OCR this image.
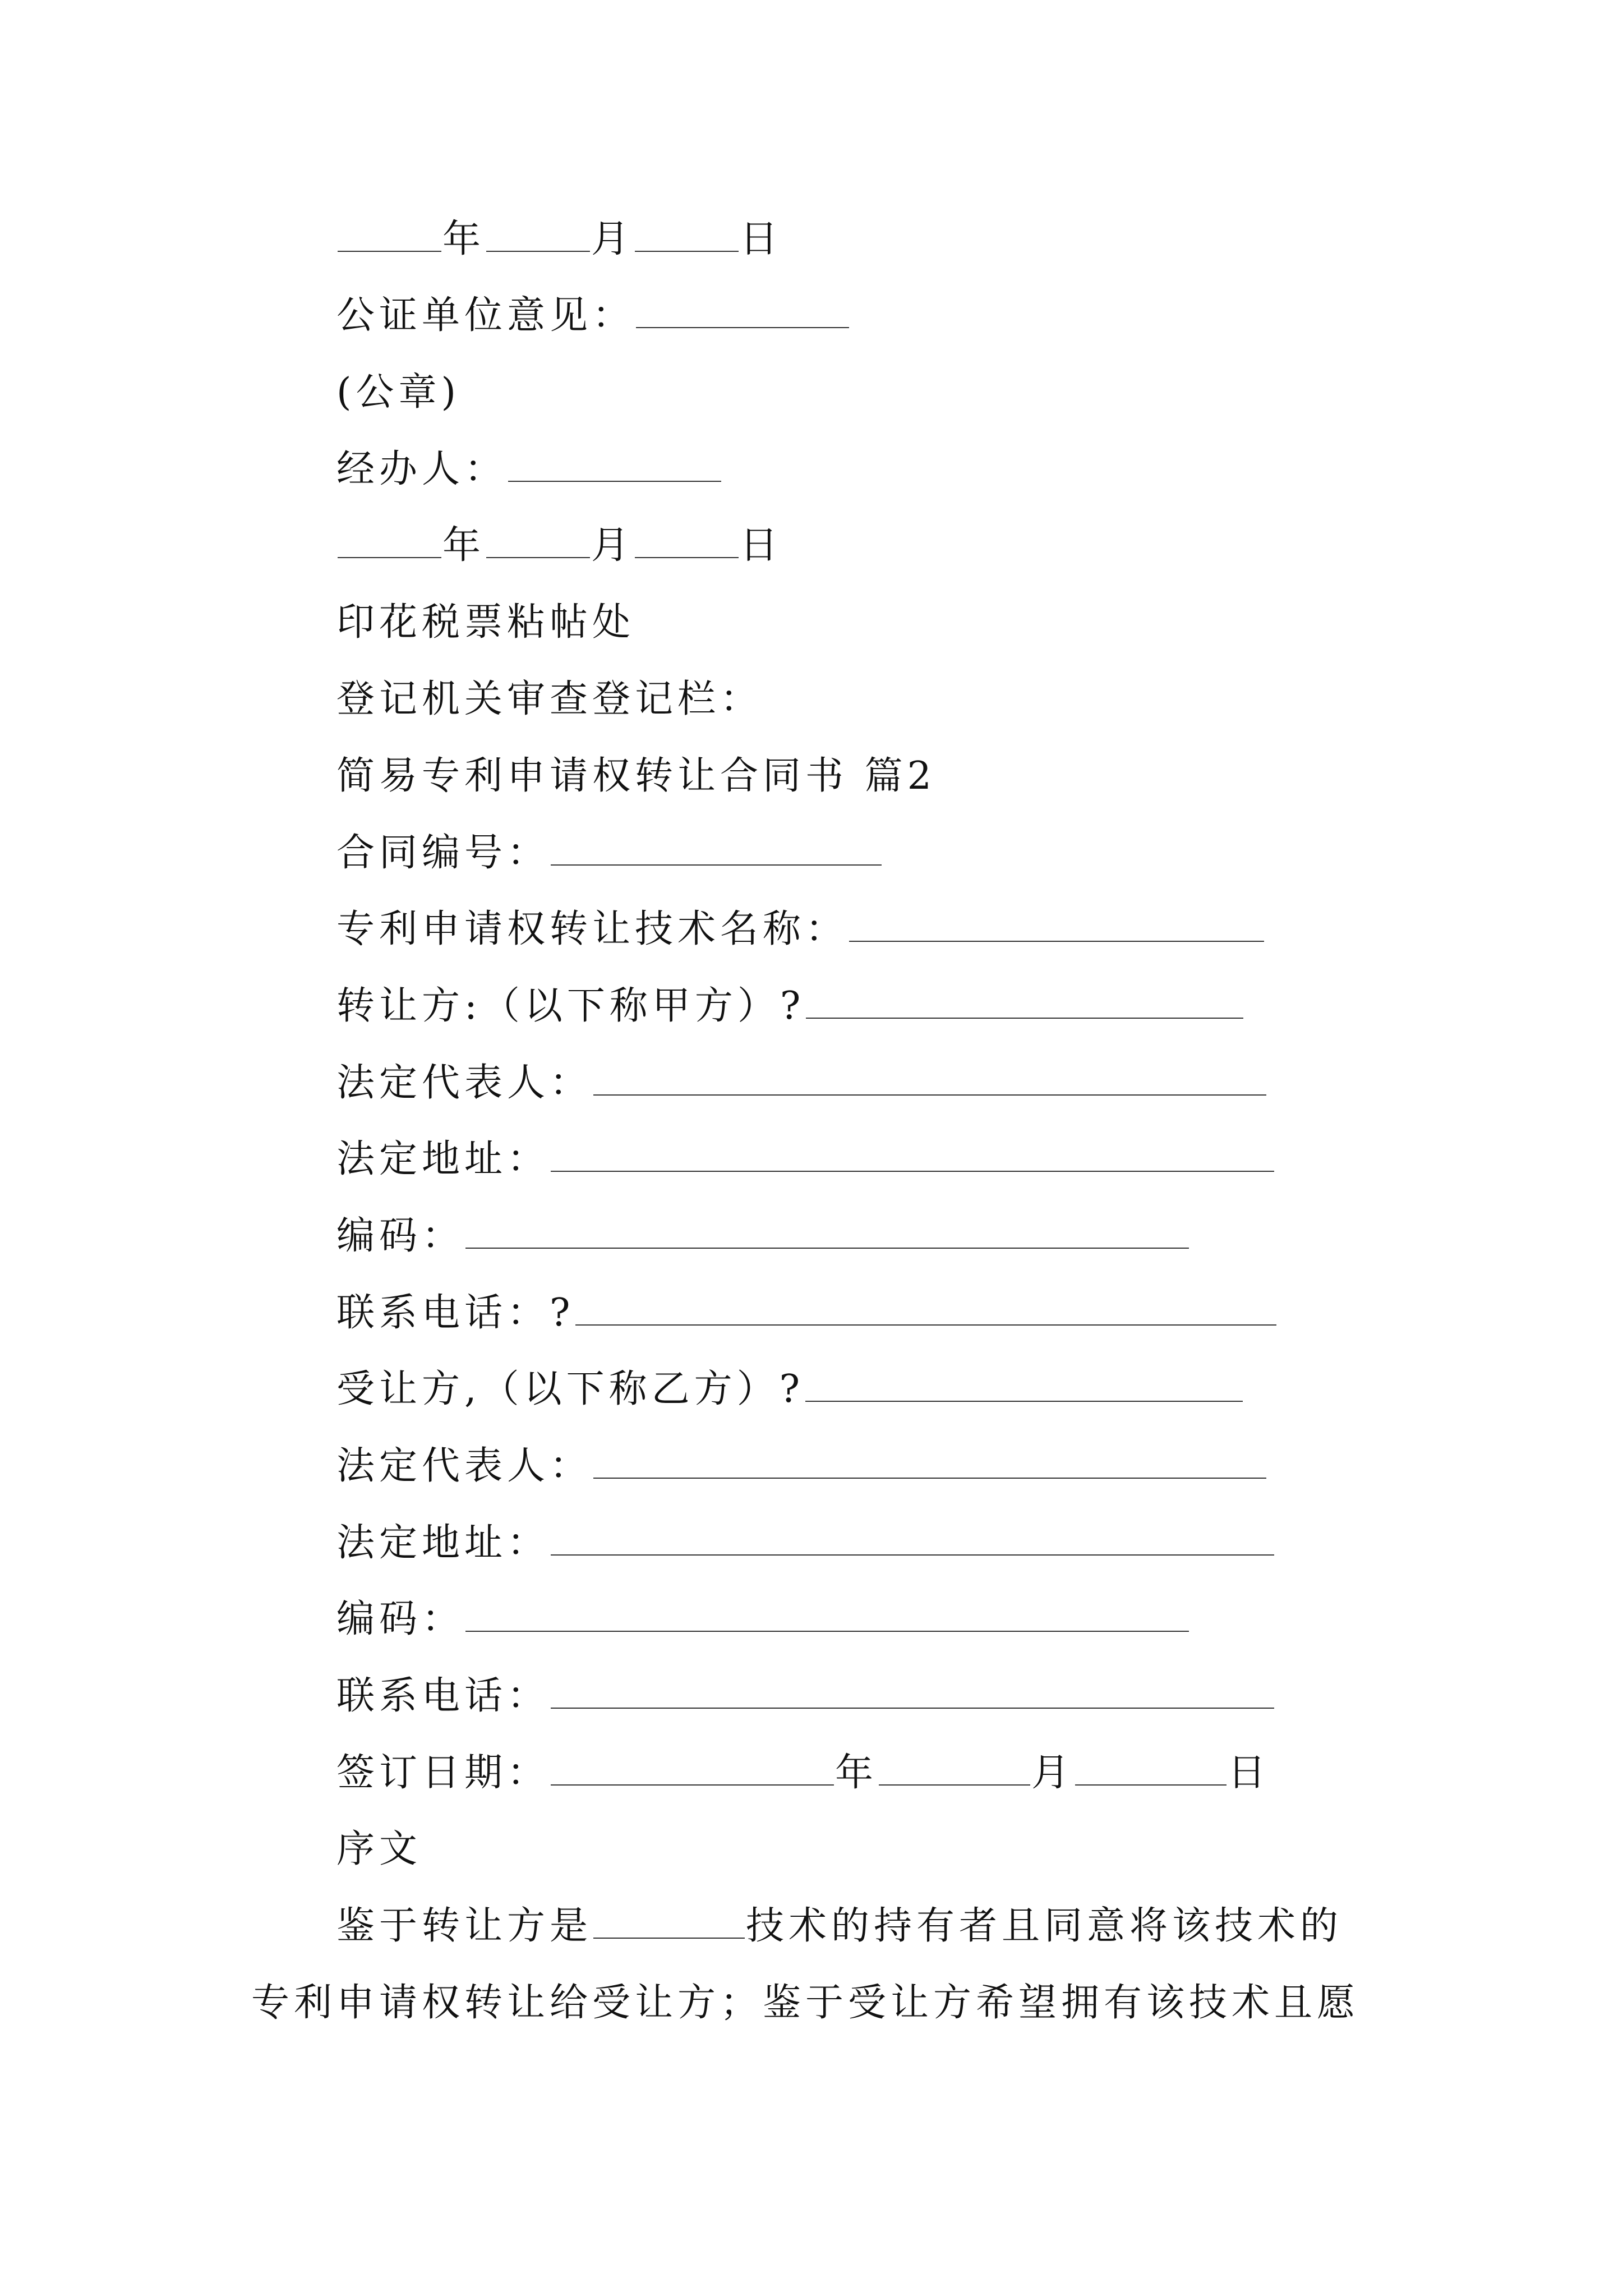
年	月	日
公证单位意见：
(公章)
经办人：
年	月	日
印花税票粘帖处
登记机关审查登记栏：
简易专利申请权转让合同书 篇2
合同编号：
专利申请权转让技术名称：
转让方:（以下称甲方）?
法定代表人：
法定地址：
编码：
联系电话：?
受让方,（以下称乙方）?
法定代表人：
法定地址：
编码：
联系电话：
签订日期：	年	月	日
序文
鉴于转让方是	技术的持有者且同意将该技术的
专利申请权转让给受让方；鉴于受让方希望拥有该技术且愿
